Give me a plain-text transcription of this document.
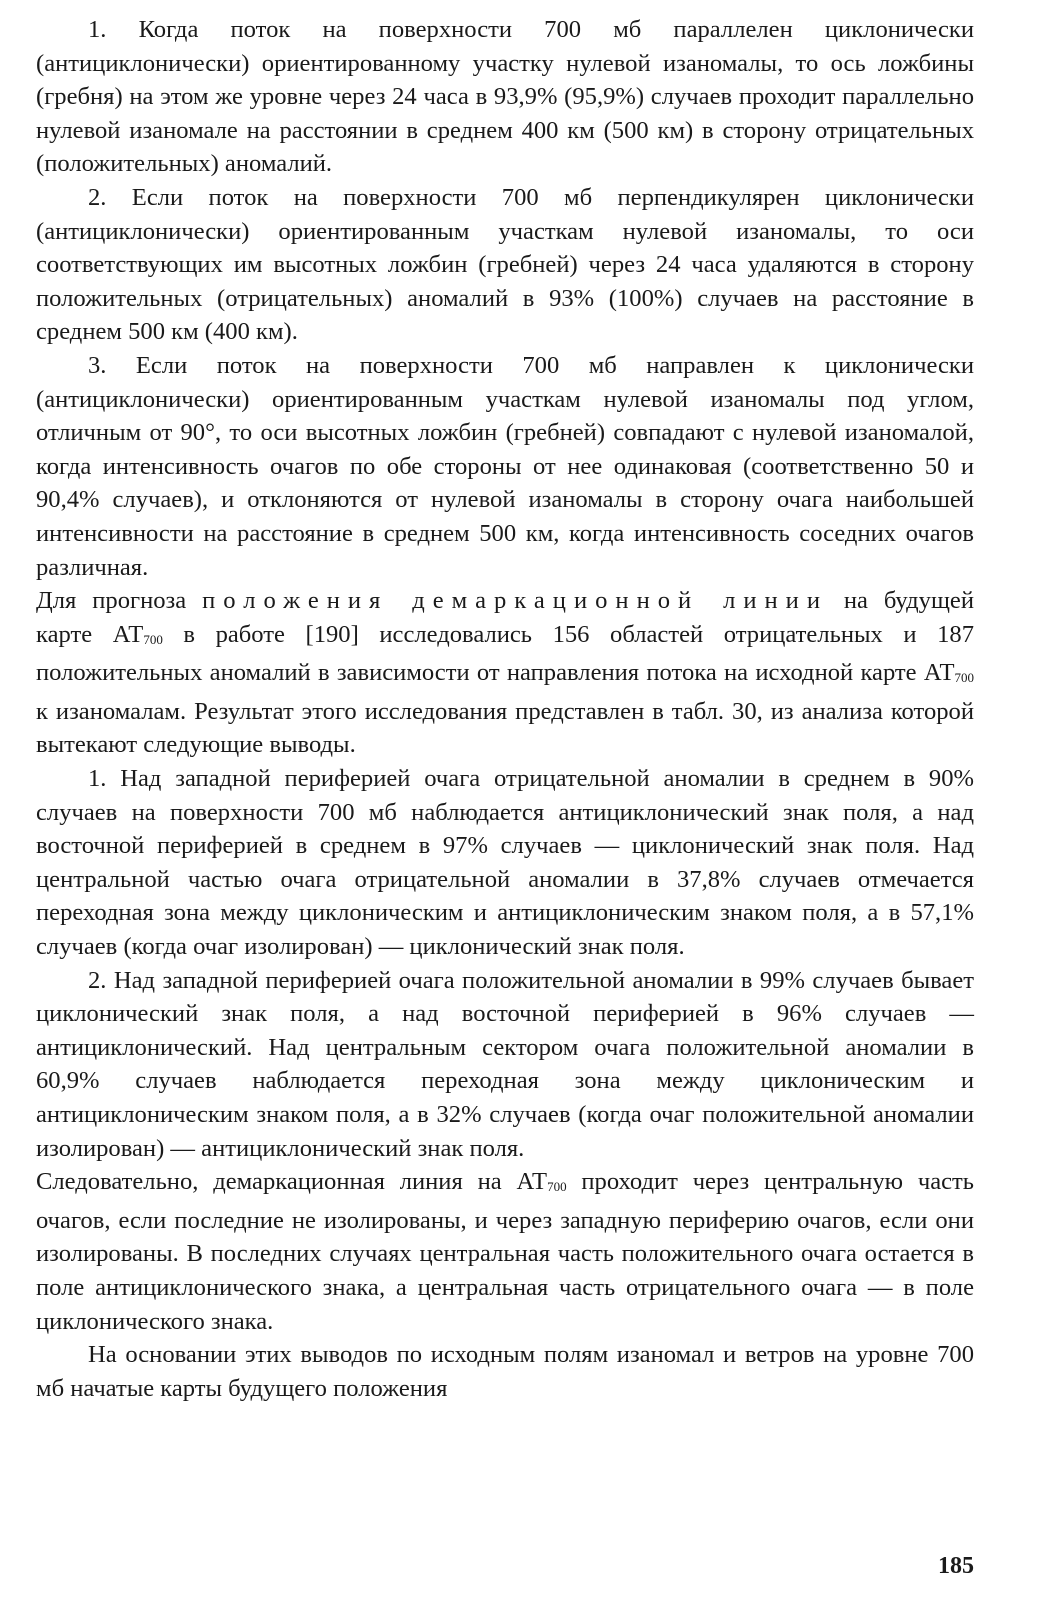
1. Когда поток на поверхности 700 мб параллелен циклонически (антициклонически) ориентированному участку нулевой изаномалы, то ось ложбины (гребня) на этом же уровне через 24 часа в 93,9% (95,9%) случаев проходит параллельно нулевой изаномале на расстоянии в среднем 400 км (500 км) в сторону отрицательных (положительных) аномалий.

2. Если поток на поверхности 700 мб перпендикулярен циклонически (антициклонически) ориентированным участкам нулевой изаномалы, то оси соответствующих им высотных ложбин (гребней) через 24 часа удаляются в сторону положительных (отрицательных) аномалий в 93% (100%) случаев на расстояние в среднем 500 км (400 км).

3. Если поток на поверхности 700 мб направлен к циклонически (антициклонически) ориентированным участкам нулевой изаномалы под углом, отличным от 90°, то оси высотных ложбин (гребней) совпадают с нулевой изаномалой, когда интенсивность очагов по обе стороны от нее одинаковая (соответственно 50 и 90,4% случаев), и отклоняются от нулевой изаномалы в сторону очага наибольшей интенсивности на расстояние в среднем 500 км, когда интенсивность соседних очагов различная.

Для прогноза положения демаркационной линии на будущей карте АТ700 в работе [190] исследовались 156 областей отрицательных и 187 положительных аномалий в зависимости от направления потока на исходной карте АТ700 к изаномалам. Результат этого исследования представлен в табл. 30, из анализа которой вытекают следующие выводы.

1. Над западной периферией очага отрицательной аномалии в среднем в 90% случаев на поверхности 700 мб наблюдается антициклонический знак поля, а над восточной периферией в среднем в 97% случаев — циклонический знак поля. Над центральной частью очага отрицательной аномалии в 37,8% случаев отмечается переходная зона между циклоническим и антициклоническим знаком поля, а в 57,1% случаев (когда очаг изолирован) — циклонический знак поля.

2. Над западной периферией очага положительной аномалии в 99% случаев бывает циклонический знак поля, а над восточной периферией в 96% случаев — антициклонический. Над центральным сектором очага положительной аномалии в 60,9% случаев наблюдается переходная зона между циклоническим и антициклоническим знаком поля, а в 32% случаев (когда очаг положительной аномалии изолирован) — антициклонический знак поля.

Следовательно, демаркационная линия на АТ700 проходит через центральную часть очагов, если последние не изолированы, и через западную периферию очагов, если они изолированы. В последних случаях центральная часть положительного очага остается в поле антициклонического знака, а центральная часть отрицательного очага — в поле циклонического знака.

На основании этих выводов по исходным полям изаномал и ветров на уровне 700 мб начатые карты будущего положения

185
